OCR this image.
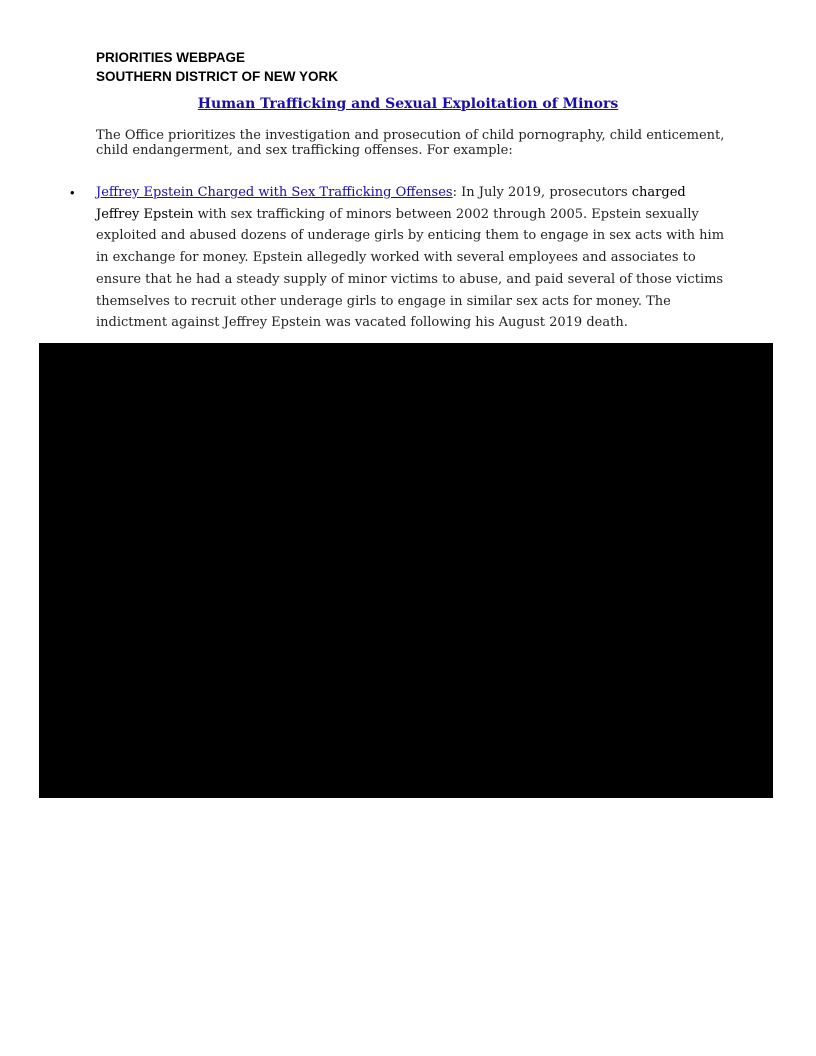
PRIORITIES WEBPAGE
SOUTHERN DISTRICT OF NEW YORK
Human Trafficking and Sexual Exploitation of Minors
The Office prioritizes the investigation and prosecution of child pornography, child enticement, child endangerment, and sex trafficking offenses. For example:
• Jeffrey Epstein Charged with Sex Trafficking Offenses: In July 2019, prosecutors charged Jeffrey Epstein with sex trafficking of minors between 2002 through 2005. Epstein sexually exploited and abused dozens of underage girls by enticing them to engage in sex acts with him in exchange for money. Epstein allegedly worked with several employees and associates to ensure that he had a steady supply of minor victims to abuse, and paid several of those victims themselves to recruit other underage girls to engage in similar sex acts for money. The indictment against Jeffrey Epstein was vacated following his August 2019 death.
